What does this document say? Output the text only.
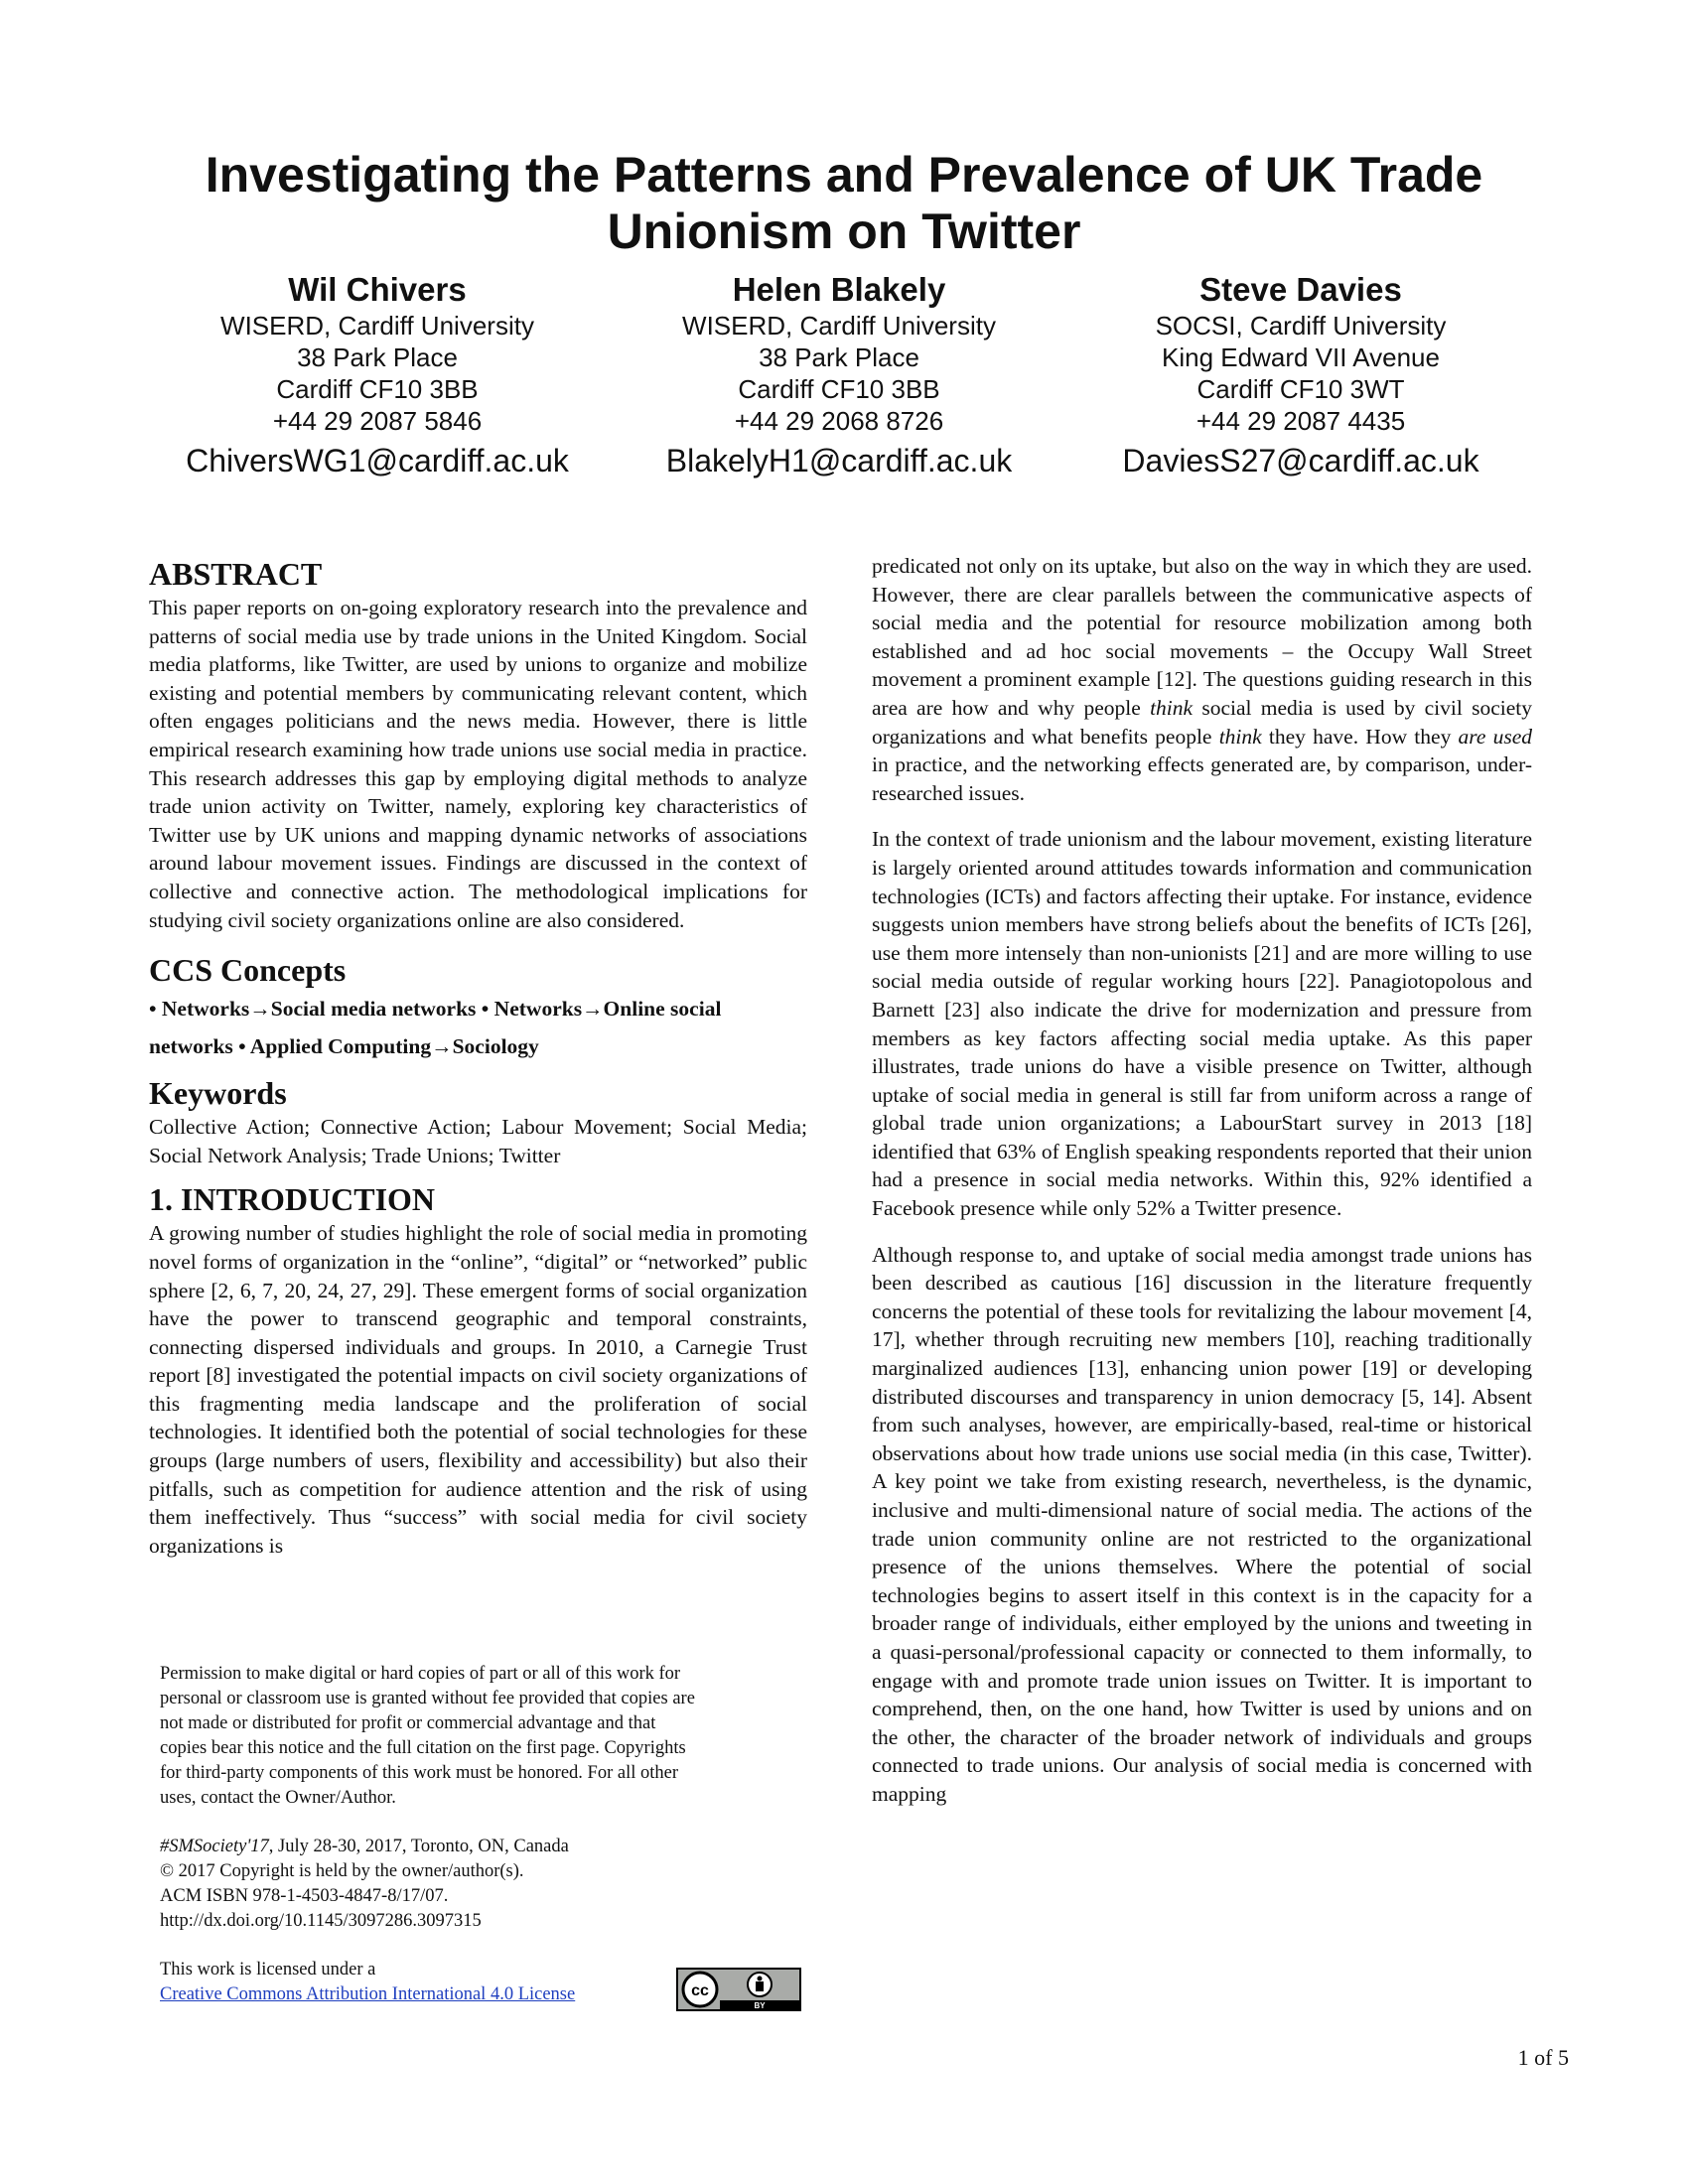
Investigating the Patterns and Prevalence of UK Trade Unionism on Twitter
Wil Chivers
WISERD, Cardiff University
38 Park Place
Cardiff CF10 3BB
+44 29 2087 5846
ChiversWG1@cardiff.ac.uk
Helen Blakely
WISERD, Cardiff University
38 Park Place
Cardiff CF10 3BB
+44 29 2068 8726
BlakelyH1@cardiff.ac.uk
Steve Davies
SOCSI, Cardiff University
King Edward VII Avenue
Cardiff CF10 3WT
+44 29 2087 4435
DaviesS27@cardiff.ac.uk
ABSTRACT

This paper reports on on-going exploratory research into the prevalence and patterns of social media use by trade unions in the United Kingdom. Social media platforms, like Twitter, are used by unions to organize and mobilize existing and potential members by communicating relevant content, which often engages politicians and the news media. However, there is little empirical research examining how trade unions use social media in practice. This research addresses this gap by employing digital methods to analyze trade union activity on Twitter, namely, exploring key characteristics of Twitter use by UK unions and mapping dynamic networks of associations around labour movement issues. Findings are discussed in the context of collective and connective action. The methodological implications for studying civil society organizations online are also considered.

CCS Concepts

• Networks→Social media networks • Networks→Online social networks • Applied Computing→Sociology

Keywords

Collective Action; Connective Action; Labour Movement; Social Media; Social Network Analysis; Trade Unions; Twitter

1. INTRODUCTION

A growing number of studies highlight the role of social media in promoting novel forms of organization in the “online”, “digital” or “networked” public sphere [2, 6, 7, 20, 24, 27, 29]. These emergent forms of social organization have the power to transcend geographic and temporal constraints, connecting dispersed individuals and groups. In 2010, a Carnegie Trust report [8] investigated the potential impacts on civil society organizations of this fragmenting media landscape and the proliferation of social technologies. It identified both the potential of social technologies for these groups (large numbers of users, flexibility and accessibility) but also their pitfalls, such as competition for audience attention and the risk of using them ineffectively. Thus “success” with social media for civil society organizations is

Permission to make digital or hard copies of part or all of this work for
personal or classroom use is granted without fee provided that copies are
not made or distributed for profit or commercial advantage and that
copies bear this notice and the full citation on the first page. Copyrights
for third-party components of this work must be honored. For all other
uses, contact the Owner/Author.

#SMSociety'17, July 28-30, 2017, Toronto, ON, Canada
© 2017 Copyright is held by the owner/author(s).
ACM ISBN 978-1-4503-4847-8/17/07.
http://dx.doi.org/10.1145/3097286.3097315

This work is licensed under a
Creative Commons Attribution International 4.0 License	cc
BY

predicated not only on its uptake, but also on the way in which they are used. However, there are clear parallels between the communicative aspects of social media and the potential for resource mobilization among both established and ad hoc social movements – the Occupy Wall Street movement a prominent example [12]. The questions guiding research in this area are how and why people think social media is used by civil society organizations and what benefits people think they have. How they are used in practice, and the networking effects generated are, by comparison, under-researched issues.

In the context of trade unionism and the labour movement, existing literature is largely oriented around attitudes towards information and communication technologies (ICTs) and factors affecting their uptake. For instance, evidence suggests union members have strong beliefs about the benefits of ICTs [26], use them more intensely than non-unionists [21] and are more willing to use social media outside of regular working hours [22]. Panagiotopolous and Barnett [23] also indicate the drive for modernization and pressure from members as key factors affecting social media uptake. As this paper illustrates, trade unions do have a visible presence on Twitter, although uptake of social media in general is still far from uniform across a range of global trade union organizations; a LabourStart survey in 2013 [18] identified that 63% of English speaking respondents reported that their union had a presence in social media networks. Within this, 92% identified a Facebook presence while only 52% a Twitter presence.

Although response to, and uptake of social media amongst trade unions has been described as cautious [16] discussion in the literature frequently concerns the potential of these tools for revitalizing the labour movement [4, 17], whether through recruiting new members [10], reaching traditionally marginalized audiences [13], enhancing union power [19] or developing distributed discourses and transparency in union democracy [5, 14]. Absent from such analyses, however, are empirically-based, real-time or historical observations about how trade unions use social media (in this case, Twitter). A key point we take from existing research, nevertheless, is the dynamic, inclusive and multi-dimensional nature of social media. The actions of the trade union community online are not restricted to the organizational presence of the unions themselves. Where the potential of social technologies begins to assert itself in this context is in the capacity for a broader range of individuals, either employed by the unions and tweeting in a quasi-personal/professional capacity or connected to them informally, to engage with and promote trade union issues on Twitter. It is important to comprehend, then, on the one hand, how Twitter is used by unions and on the other, the character of the broader network of individuals and groups connected to trade unions. Our analysis of social media is concerned with mapping

1 of 5
